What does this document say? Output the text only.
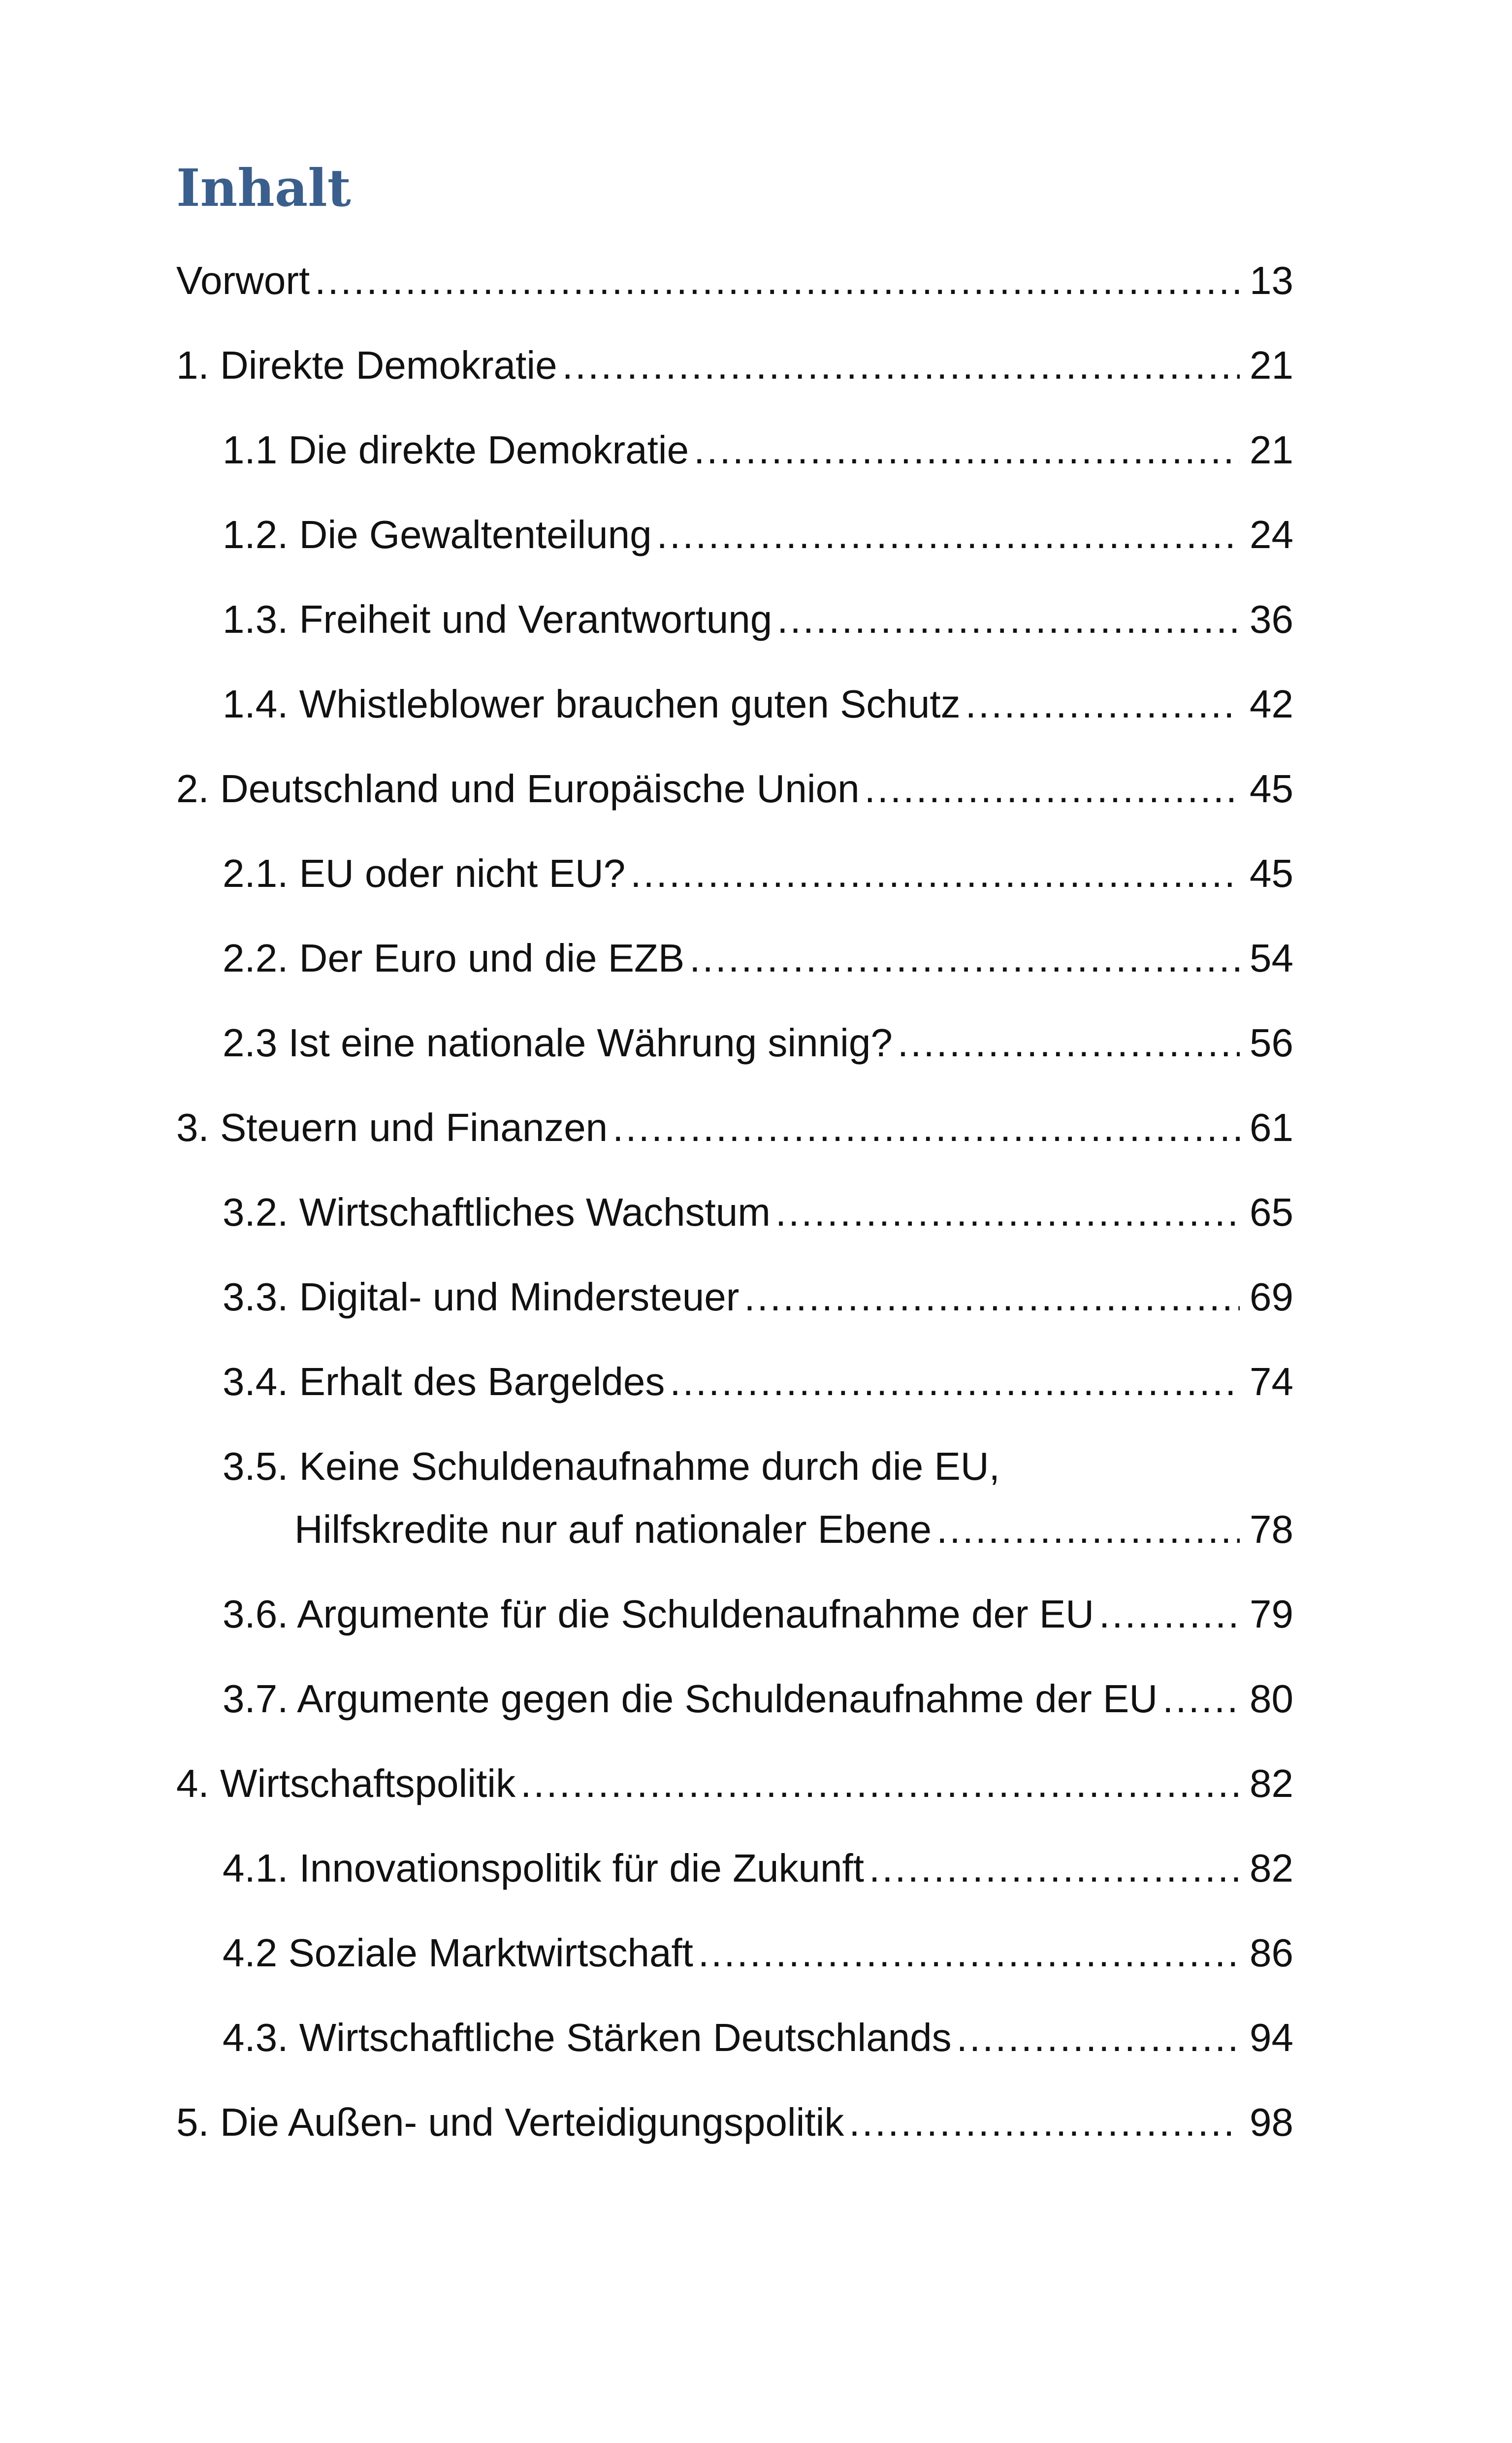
Inhalt
Vorwort .....	13
1. Direkte Demokratie .....	21
1.1 Die direkte Demokratie .....	21
1.2. Die Gewaltenteilung .....	24
1.3. Freiheit und Verantwortung .....	36
1.4. Whistleblower brauchen guten Schutz .....	42
2. Deutschland und Europäische Union .....	45
2.1. EU oder nicht EU? .....	45
2.2. Der Euro und die EZB .....	54
2.3 Ist eine nationale Währung sinnig? .....	56
3. Steuern und Finanzen .....	61
3.2. Wirtschaftliches Wachstum .....	65
3.3. Digital- und Mindersteuer .....	69
3.4. Erhalt des Bargeldes .....	74
3.5. Keine Schuldenaufnahme durch die EU,
Hilfskredite nur auf nationaler Ebene .....	78
3.6. Argumente für die Schuldenaufnahme der EU .....	79
3.7. Argumente gegen die Schuldenaufnahme der EU ..... 80
4. Wirtschaftspolitik .....	82
4.1. Innovationspolitik für die Zukunft .....	82
4.2 Soziale Marktwirtschaft .....	86
4.3. Wirtschaftliche Stärken Deutschlands .....	94
5. Die Außen- und Verteidigungspolitik .....	98
